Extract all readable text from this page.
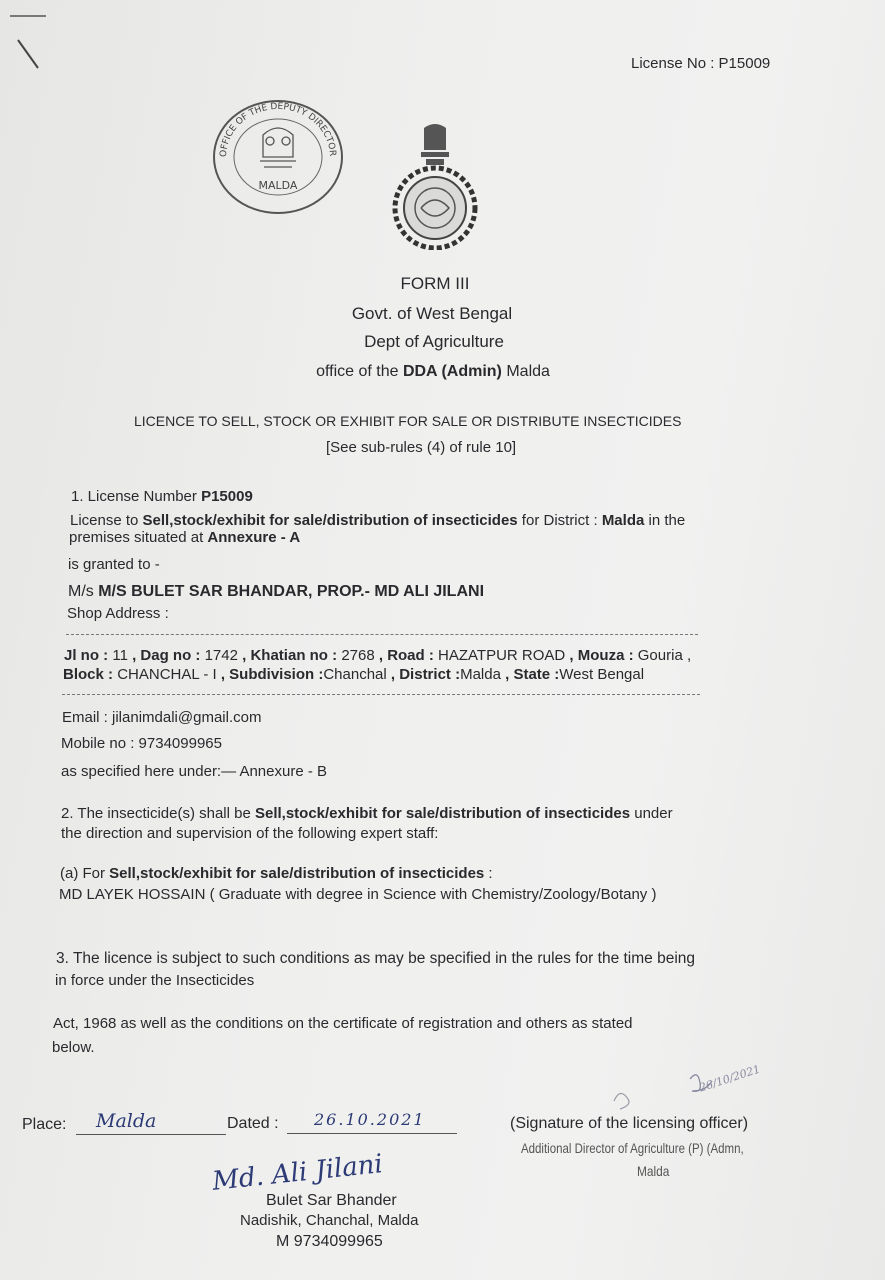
License No : P15009
OFFICE OF THE DEPUTY DIRECTOR
MALDA
FORM III
Govt. of West Bengal
Dept of Agriculture
office of the DDA (Admin) Malda
LICENCE TO SELL, STOCK OR EXHIBIT FOR SALE OR DISTRIBUTE INSECTICIDES
[See sub-rules (4) of rule 10]
1. License Number P15009
License to Sell,stock/exhibit for sale/distribution of insecticides for District : Malda in the
premises situated at Annexure - A
is granted to -
M/s M/S BULET SAR BHANDAR, PROP.- MD ALI JILANI
Shop Address :
Jl no : 11 , Dag no : 1742 , Khatian no : 2768 , Road : HAZATPUR ROAD , Mouza : Gouria ,
Block : CHANCHAL - I , Subdivision :Chanchal , District :Malda , State :West Bengal
Email : jilanimdali@gmail.com
Mobile no : 9734099965
as specified here under:— Annexure - B
2. The insecticide(s) shall be Sell,stock/exhibit for sale/distribution of insecticides under
the direction and supervision of the following expert staff:
(a) For Sell,stock/exhibit for sale/distribution of insecticides :
MD LAYEK HOSSAIN ( Graduate with degree in Science with Chemistry/Zoology/Botany )
3. The licence is subject to such conditions as may be specified in the rules for the time being
in force under the Insecticides
Act, 1968 as well as the conditions on the certificate of registration and others as stated
below.
Place: Malda	Dated : 26.10.2021
26/10/2021
(Signature of the licensing officer)
Additional Director of Agriculture (P) (Admn,
Malda
Md. Ali Jilani
Bulet Sar Bhander
Nadishik, Chanchal, Malda
M 9734099965
